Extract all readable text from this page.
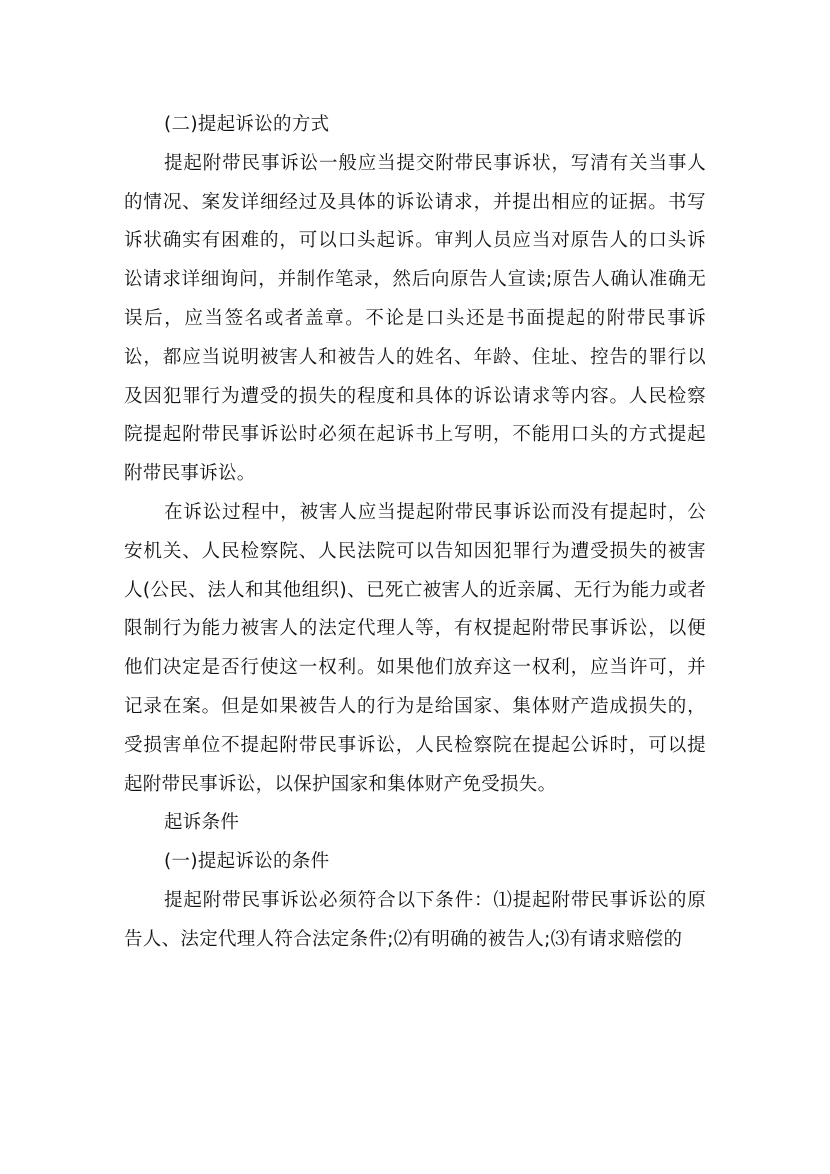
(二)提起诉讼的方式

提起附带民事诉讼一般应当提交附带民事诉状，写清有关当事人的情况、案发详细经过及具体的诉讼请求，并提出相应的证据。书写诉状确实有困难的，可以口头起诉。审判人员应当对原告人的口头诉讼请求详细询问，并制作笔录，然后向原告人宣读;原告人确认准确无误后，应当签名或者盖章。不论是口头还是书面提起的附带民事诉讼，都应当说明被害人和被告人的姓名、年龄、住址、控告的罪行以及因犯罪行为遭受的损失的程度和具体的诉讼请求等内容。人民检察院提起附带民事诉讼时必须在起诉书上写明，不能用口头的方式提起附带民事诉讼。

在诉讼过程中，被害人应当提起附带民事诉讼而没有提起时，公安机关、人民检察院、人民法院可以告知因犯罪行为遭受损失的被害人(公民、法人和其他组织)、已死亡被害人的近亲属、无行为能力或者限制行为能力被害人的法定代理人等，有权提起附带民事诉讼，以便他们决定是否行使这一权利。如果他们放弃这一权利，应当许可，并记录在案。但是如果被告人的行为是给国家、集体财产造成损失的，受损害单位不提起附带民事诉讼，人民检察院在提起公诉时，可以提起附带民事诉讼，以保护国家和集体财产免受损失。

起诉条件

(一)提起诉讼的条件

提起附带民事诉讼必须符合以下条件：⑴提起附带民事诉讼的原告人、法定代理人符合法定条件;⑵有明确的被告人;⑶有请求赔偿的
